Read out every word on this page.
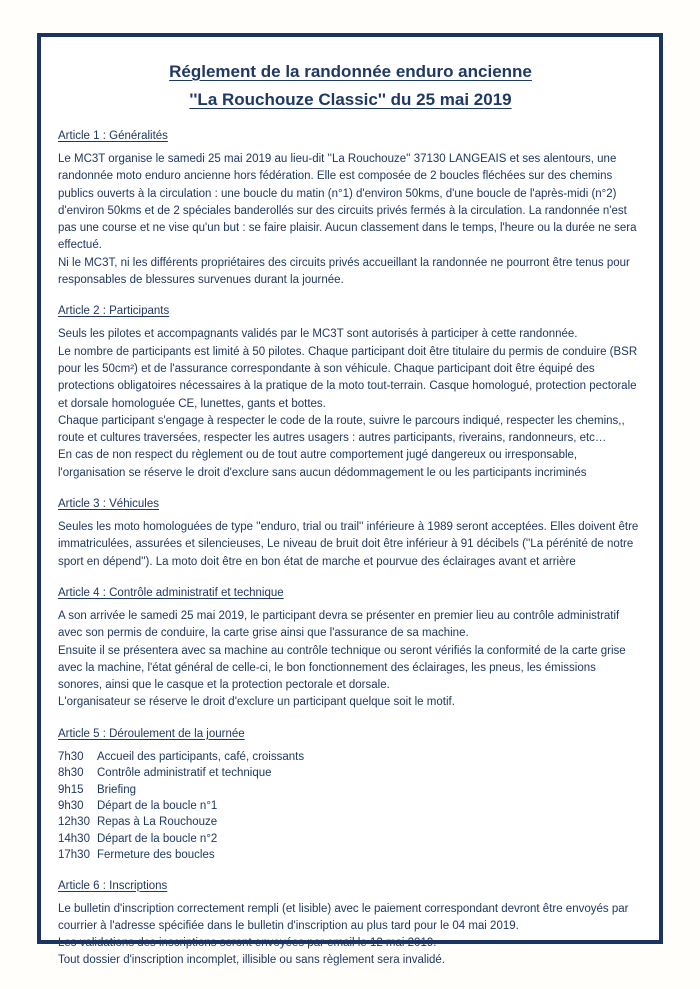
Réglement de la randonnée enduro ancienne
''La Rouchouze Classic'' du 25 mai 2019
Article 1 : Généralités

Le MC3T organise le samedi 25 mai 2019 au lieu-dit ''La Rouchouze'' 37130 LANGEAIS et ses alentours, une randonnée moto enduro ancienne hors fédération. Elle est composée de 2 boucles fléchées sur des chemins publics ouverts à la circulation : une boucle du matin (n°1) d'environ 50kms, d'une boucle de l'après-midi (n°2) d'environ 50kms et de 2 spéciales banderollés sur des circuits privés fermés à la circulation. La randonnée n'est pas une course et ne vise qu'un but : se faire plaisir. Aucun classement dans le temps, l'heure ou la durée ne sera effectué.

Ni le MC3T, ni les différents propriétaires des circuits privés accueillant la randonnée ne pourront être tenus pour responsables de blessures survenues durant la journée.

Article 2 : Participants

Seuls les pilotes et accompagnants validés par le MC3T sont autorisés à participer à cette randonnée.

Le nombre de participants est limité à 50 pilotes. Chaque participant doit être titulaire du permis de conduire (BSR pour les 50cm²) et de l'assurance correspondante à son véhicule. Chaque participant doit être équipé des protections obligatoires nécessaires à la pratique de la moto tout-terrain. Casque homologué, protection pectorale et dorsale homologuée CE, lunettes, gants et bottes.

Chaque participant s'engage à respecter le code de la route, suivre le parcours indiqué, respecter les chemins,, route et cultures traversées, respecter les autres usagers : autres participants, riverains, randonneurs, etc…

En cas de non respect du règlement ou de tout autre comportement jugé dangereux ou irresponsable, l'organisation se réserve le droit d'exclure sans aucun dédommagement le ou les participants incriminés

Article 3 : Véhicules

Seules les moto homologuées de type ''enduro, trial ou trail'' inférieure à 1989 seront acceptées. Elles doivent être immatriculées, assurées et silencieuses, Le niveau de bruit doit être inférieur à 91 décibels (''La pérénité de notre sport en dépend''). La moto doit être en bon état de marche et pourvue des éclairages avant et arrière

Article 4 : Contrôle administratif et technique

A son arrivée le samedi 25 mai 2019, le participant devra se présenter en premier lieu au contrôle administratif avec son permis de conduire, la carte grise ainsi que l'assurance de sa machine.

Ensuite il se présentera avec sa machine au contrôle technique ou seront vérifiés la conformité de la carte grise avec la machine, l'état général de celle-ci, le bon fonctionnement des éclairages, les pneus, les émissions sonores, ainsi que le casque et la protection pectorale et dorsale.

L'organisateur se réserve le droit d'exclure un participant quelque soit le motif.

Article 5 : Déroulement de la journée
7h30	Accueil des participants, café, croissants
8h30	Contrôle administratif et technique
9h15	Briefing
9h30	Départ de la boucle n°1
12h30 Repas à La Rouchouze
14h30 Départ de la boucle n°2
17h30 Fermeture des boucles
Article 6 : Inscriptions

Le bulletin d'inscription correctement rempli (et lisible) avec le paiement correspondant devront être envoyés par courrier à l'adresse spécifiée dans le bulletin d'inscription au plus tard pour le 04 mai 2019.

Les validations des inscriptions seront envoyées par email le 12 mai 2019.

Tout dossier d'inscription incomplet, illisible ou sans règlement sera invalidé.
